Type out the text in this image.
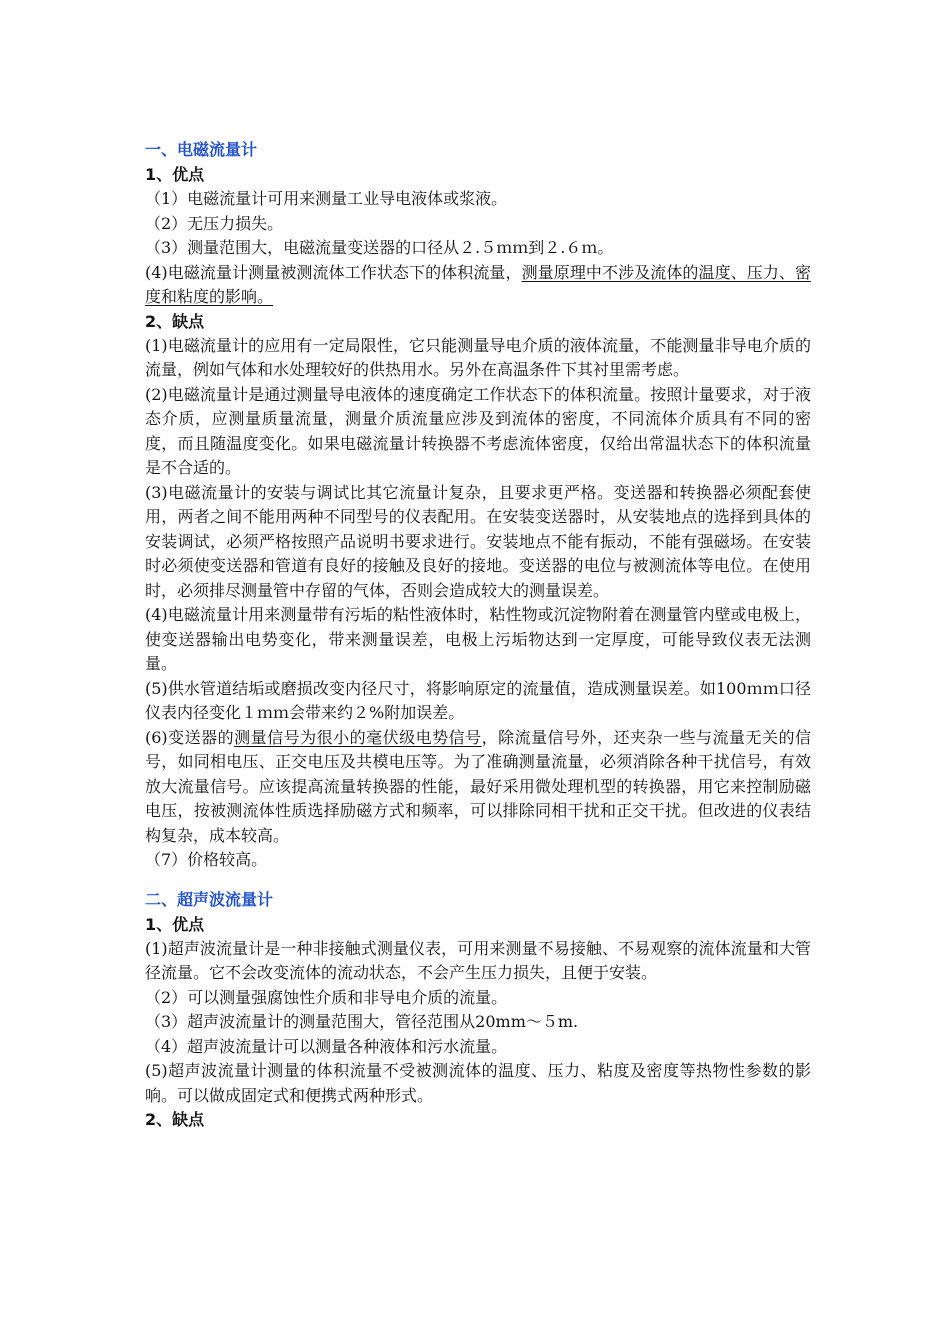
一、电磁流量计
1、优点

（1）电磁流量计可用来测量工业导电液体或浆液。

（2）无压力损失。

（3）测量范围大，电磁流量变送器的口径从２.５ｍｍ到２.６ｍ。

(4)电磁流量计测量被测流体工作状态下的体积流量，测量原理中不涉及流体的温度、压力、密度和粘度的影响。

2、缺点

(1)电磁流量计的应用有一定局限性，它只能测量导电介质的液体流量，不能测量非导电介质的流量，例如气体和水处理较好的供热用水。另外在高温条件下其衬里需考虑。

(2)电磁流量计是通过测量导电液体的速度确定工作状态下的体积流量。按照计量要求，对于液态介质，应测量质量流量，测量介质流量应涉及到流体的密度，不同流体介质具有不同的密度，而且随温度变化。如果电磁流量计转换器不考虑流体密度，仅给出常温状态下的体积流量是不合适的。

(3)电磁流量计的安装与调试比其它流量计复杂，且要求更严格。变送器和转换器必须配套使用，两者之间不能用两种不同型号的仪表配用。在安装变送器时，从安装地点的选择到具体的安装调试，必须严格按照产品说明书要求进行。安装地点不能有振动，不能有强磁场。在安装时必须使变送器和管道有良好的接触及良好的接地。变送器的电位与被测流体等电位。在使用时，必须排尽测量管中存留的气体，否则会造成较大的测量误差。

(4)电磁流量计用来测量带有污垢的粘性液体时，粘性物或沉淀物附着在测量管内壁或电极上，使变送器输出电势变化，带来测量误差，电极上污垢物达到一定厚度，可能导致仪表无法测量。

(5)供水管道结垢或磨损改变内径尺寸，将影响原定的流量值，造成测量误差。如100ｍｍ口径仪表内径变化１ｍｍ会带来约２%附加误差。

(6)变送器的测量信号为很小的毫伏级电势信号，除流量信号外，还夹杂一些与流量无关的信号，如同相电压、正交电压及共模电压等。为了准确测量流量，必须消除各种干扰信号，有效放大流量信号。应该提高流量转换器的性能，最好采用微处理机型的转换器，用它来控制励磁电压，按被测流体性质选择励磁方式和频率，可以排除同相干扰和正交干扰。但改进的仪表结构复杂，成本较高。

（7）价格较高。

二、超声波流量计
1、优点

(1)超声波流量计是一种非接触式测量仪表，可用来测量不易接触、不易观察的流体流量和大管径流量。它不会改变流体的流动状态，不会产生压力损失，且便于安装。

（2）可以测量强腐蚀性介质和非导电介质的流量。

（3）超声波流量计的测量范围大，管径范围从20mm～５m.

（4）超声波流量计可以测量各种液体和污水流量。

(5)超声波流量计测量的体积流量不受被测流体的温度、压力、粘度及密度等热物性参数的影响。可以做成固定式和便携式两种形式。

2、缺点
